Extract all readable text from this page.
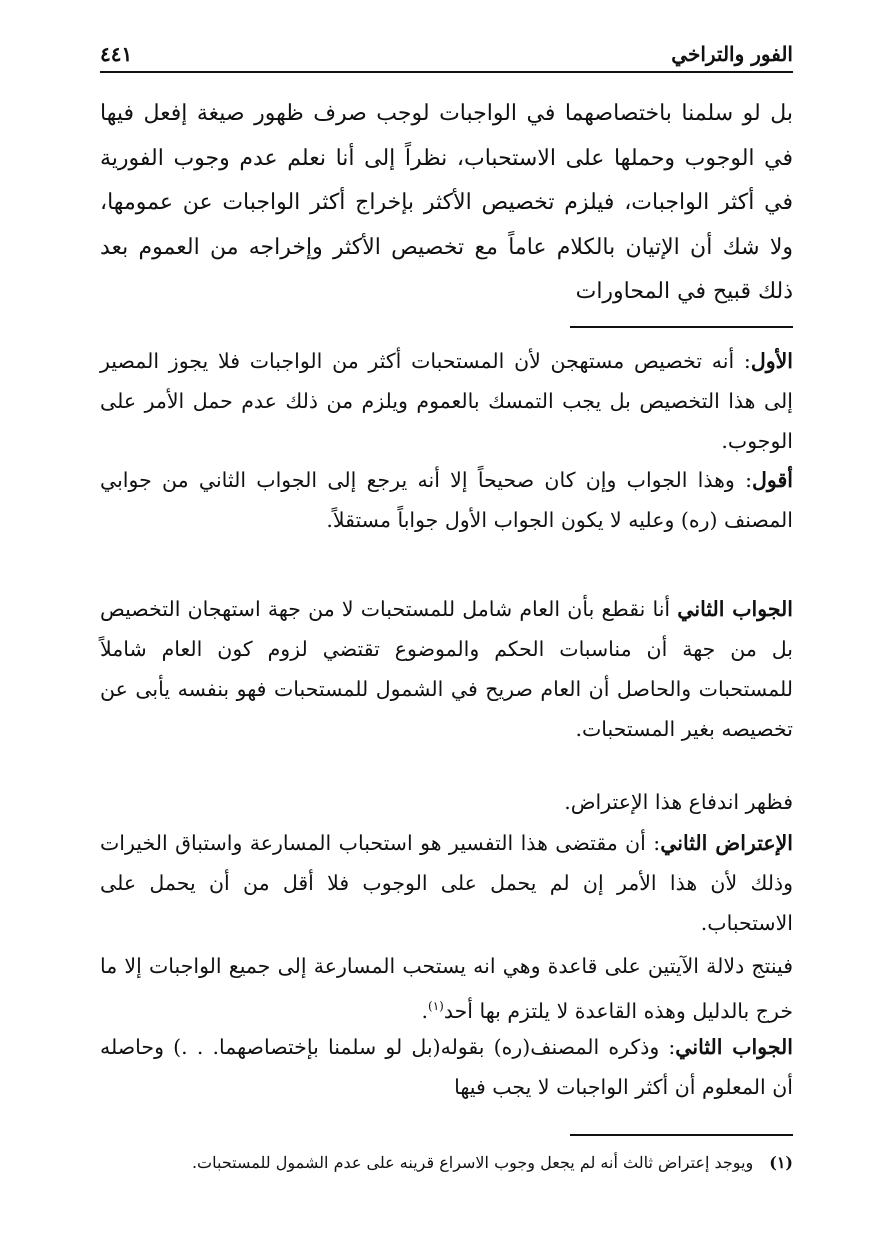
الفور والتراخي
٤٤١
بل لو سلمنا باختصاصهما في الواجبات لوجب صرف ظهور صيغة إفعل فيها في الوجوب وحملها على الاستحباب، نظراً إلى أنا نعلم عدم وجوب الفورية في أكثر الواجبات، فيلزم تخصيص الأكثر بإخراج أكثر الواجبات عن عمومها، ولا شك أن الإتيان بالكلام عاماً مع تخصيص الأكثر وإخراجه من العموم بعد ذلك قبيح في المحاورات
الأول: أنه تخصيص مستهجن لأن المستحبات أكثر من الواجبات فلا يجوز المصير إلى هذا التخصيص بل يجب التمسك بالعموم ويلزم من ذلك عدم حمل الأمر على الوجوب.
أقول: وهذا الجواب وإن كان صحيحاً إلا أنه يرجع إلى الجواب الثاني من جوابي المصنف (ره) وعليه لا يكون الجواب الأول جواباً مستقلاً.
الجواب الثاني أنا نقطع بأن العام شامل للمستحبات لا من جهة استهجان التخصيص بل من جهة أن مناسبات الحكم والموضوع تقتضي لزوم كون العام شاملاً للمستحبات والحاصل أن العام صريح في الشمول للمستحبات فهو بنفسه يأبى عن تخصيصه بغير المستحبات.
فظهر اندفاع هذا الإعتراض.
الإعتراض الثاني: أن مقتضى هذا التفسير هو استحباب المسارعة واستباق الخيرات وذلك لأن هذا الأمر إن لم يحمل على الوجوب فلا أقل من أن يحمل على الاستحباب.
فينتج دلالة الآيتين على قاعدة وهي انه يستحب المسارعة إلى جميع الواجبات إلا ما خرج بالدليل وهذه القاعدة لا يلتزم بها أحد$^{(١)}$.
الجواب الثاني: وذكره المصنف(ره) بقوله(بل لو سلمنا بإختصاصهما. . .) وحاصله أن المعلوم أن أكثر الواجبات لا يجب فيها
(١)
ويوجد إعتراض ثالث أنه لم يجعل وجوب الاسراع قرينه على عدم الشمول للمستحبات.
